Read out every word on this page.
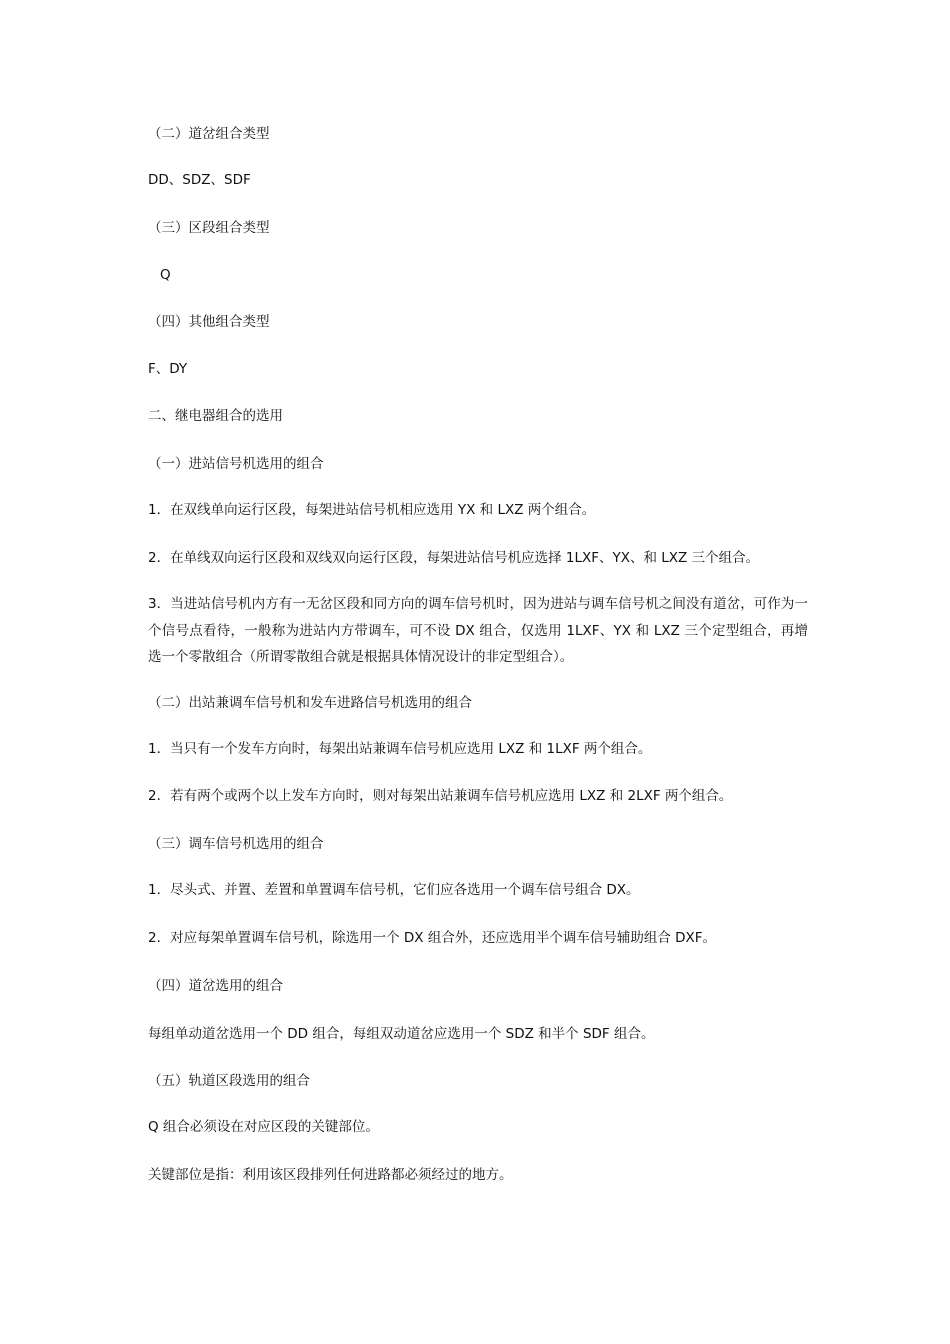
（二）道岔组合类型
DD、SDZ、SDF
（三）区段组合类型
Q
（四）其他组合类型
F、DY
二、继电器组合的选用
（一）进站信号机选用的组合
1．在双线单向运行区段，每架进站信号机相应选用 YX 和 LXZ 两个组合。
2．在单线双向运行区段和双线双向运行区段，每架进站信号机应选择 1LXF、YX、和 LXZ 三个组合。
3．当进站信号机内方有一无岔区段和同方向的调车信号机时，因为进站与调车信号机之间没有道岔，可作为一个信号点看待，一般称为进站内方带调车，可不设 DX 组合，仅选用 1LXF、YX 和 LXZ 三个定型组合，再增选一个零散组合（所谓零散组合就是根据具体情况设计的非定型组合）。
（二）出站兼调车信号机和发车进路信号机选用的组合
1．当只有一个发车方向时，每架出站兼调车信号机应选用 LXZ 和 1LXF 两个组合。
2．若有两个或两个以上发车方向时，则对每架出站兼调车信号机应选用 LXZ 和 2LXF 两个组合。
（三）调车信号机选用的组合
1．尽头式、并置、差置和单置调车信号机，它们应各选用一个调车信号组合 DX。
2．对应每架单置调车信号机，除选用一个 DX 组合外，还应选用半个调车信号辅助组合 DXF。
（四）道岔选用的组合
每组单动道岔选用一个 DD 组合，每组双动道岔应选用一个 SDZ 和半个 SDF 组合。
（五）轨道区段选用的组合
Q 组合必须设在对应区段的关键部位。
关键部位是指：利用该区段排列任何进路都必须经过的地方。
